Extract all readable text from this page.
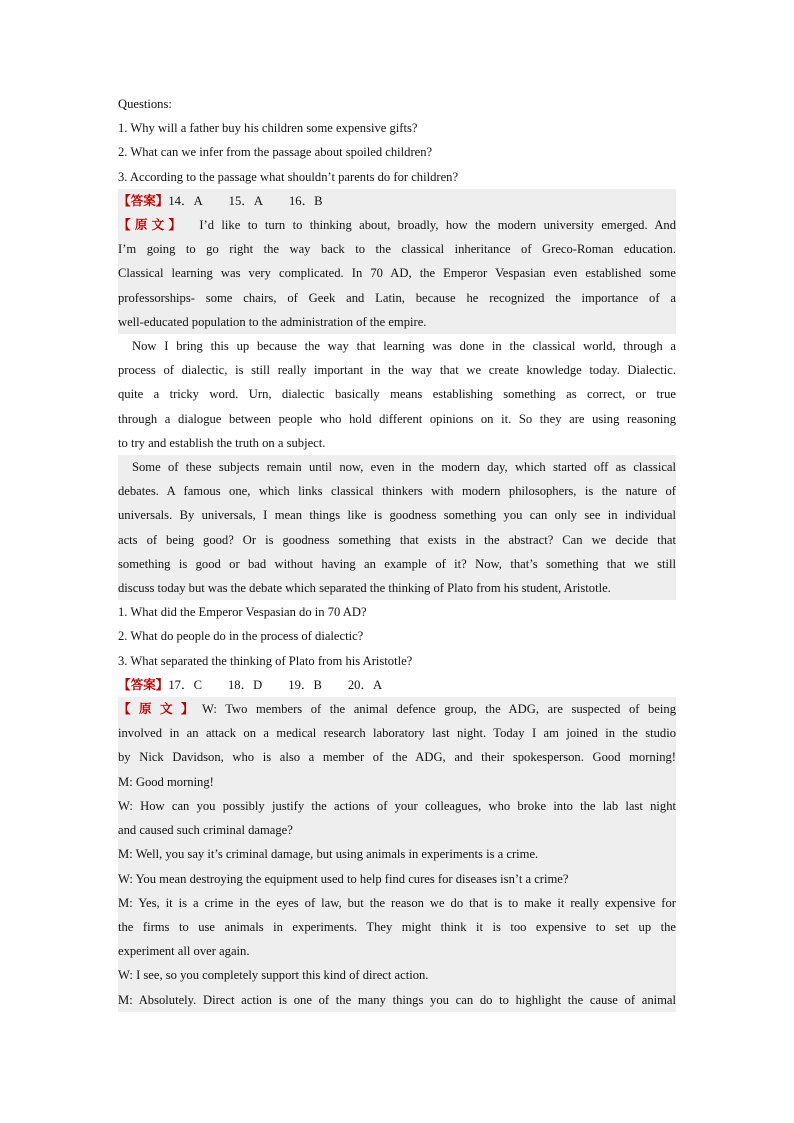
Questions:
1. Why will a father buy his children some expensive gifts?
2. What can we infer from the passage about spoiled children?
3. According to the passage what shouldn’t parents do for children?
【答案】14．A 15．A 16．B
【原文】 I’d like to turn to thinking about, broadly, how the modern university emerged. And
I’m going to go right the way back to the classical inheritance of Greco-Roman education.
Classical learning was very complicated. In 70 AD, the Emperor Vespasian even established some
professorships- some chairs, of Geek and Latin, because he recognized the importance of a
well-educated population to the administration of the empire.
Now I bring this up because the way that learning was done in the classical world, through a
process of dialectic, is still really important in the way that we create knowledge today. Dialectic.
quite a tricky word. Urn, dialectic basically means establishing something as correct, or true
through a dialogue between people who hold different opinions on it. So they are using reasoning
to try and establish the truth on a subject.
Some of these subjects remain until now, even in the modern day, which started off as classical
debates. A famous one, which links classical thinkers with modern philosophers, is the nature of
universals. By universals, I mean things like is goodness something you can only see in individual
acts of being good? Or is goodness something that exists in the abstract? Can we decide that
something is good or bad without having an example of it? Now, that’s something that we still
discuss today but was the debate which separated the thinking of Plato from his student, Aristotle.
1. What did the Emperor Vespasian do in 70 AD?
2. What do people do in the process of dialectic?
3. What separated the thinking of Plato from his Aristotle?
【答案】17．C 18．D 19．B 20．A
【原文】W: Two members of the animal defence group, the ADG, are suspected of being
involved in an attack on a medical research laboratory last night. Today I am joined in the studio
by Nick Davidson, who is also a member of the ADG, and their spokesperson. Good morning!
M: Good morning!
W: How can you possibly justify the actions of your colleagues, who broke into the lab last night
and caused such criminal damage?
M: Well, you say it’s criminal damage, but using animals in experiments is a crime.
W: You mean destroying the equipment used to help find cures for diseases isn’t a crime?
M: Yes, it is a crime in the eyes of law, but the reason we do that is to make it really expensive for
the firms to use animals in experiments. They might think it is too expensive to set up the
experiment all over again.
W: I see, so you completely support this kind of direct action.
M: Absolutely. Direct action is one of the many things you can do to highlight the cause of animal
